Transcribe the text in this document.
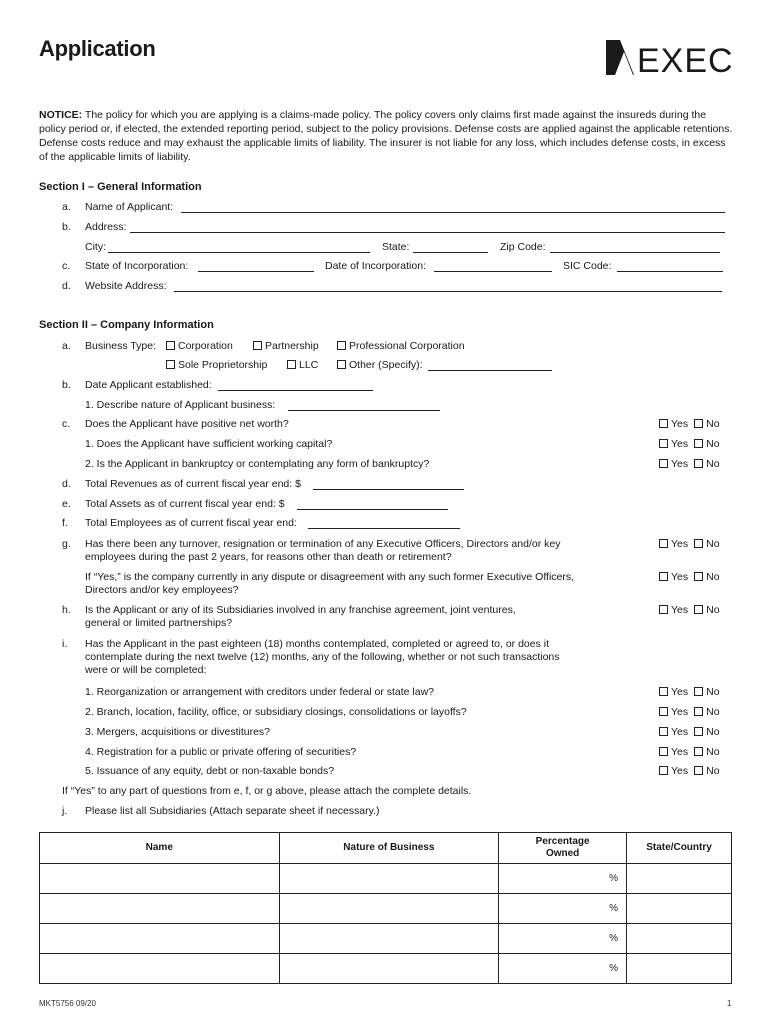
Application	EXEC
NOTICE: The policy for which you are applying is a claims-made policy. The policy covers only claims first made against the insureds during the policy period or, if elected, the extended reporting period, subject to the policy provisions. Defense costs are applied against the applicable retentions. Defense costs reduce and may exhaust the applicable limits of liability. The insurer is not liable for any loss, which includes defense costs, in excess of the applicable limits of liability.
Section I – General Information
a. Name of Applicant:
b. Address:
City:	State:	Zip Code:
c. State of Incorporation:	Date of Incorporation:	SIC Code:
d. Website Address:
Section II – Company Information
a. Business Type:	Corporation	Partnership	Professional Corporation
Sole Proprietorship	LLC	Other (Specify):
b. Date Applicant established:
1. Describe nature of Applicant business:
c. Does the Applicant have positive net worth?	Yes No
1. Does the Applicant have sufficient working capital?	Yes No
2. Is the Applicant in bankruptcy or contemplating any form of bankruptcy?	Yes No
d. Total Revenues as of current fiscal year end: $
e. Total Assets as of current fiscal year end: $
f. Total Employees as of current fiscal year end:
g. Has there been any turnover, resignation or termination of any Executive Officers, Directors and/or key employees during the past 2 years, for reasons other than death or retirement?
Yes No
If “Yes,” is the company currently in any dispute or disagreement with any such former Executive Officers, Directors and/or key employees?
Yes No
h. Is the Applicant or any of its Subsidiaries involved in any franchise agreement, joint ventures, general or limited partnerships?
Yes No
i. Has the Applicant in the past eighteen (18) months contemplated, completed or agreed to, or does it contemplate during the next twelve (12) months, any of the following, whether or not such transactions were or will be completed:
1. Reorganization or arrangement with creditors under federal or state law?	Yes No
2. Branch, location, facility, office, or subsidiary closings, consolidations or layoffs?	Yes No
3. Mergers, acquisitions or divestitures?	Yes No
4. Registration for a public or private offering of securities?	Yes No
5. Issuance of any equity, debt or non-taxable bonds?	Yes No
If “Yes” to any part of questions from e, f, or g above, please attach the complete details.
j. Please list all Subsidiaries (Attach separate sheet if necessary.)
Name	Nature of Business	Percentage Owned	State/Country
		%	
		%	
		%	
		%	
MKT5756 09/20	1
